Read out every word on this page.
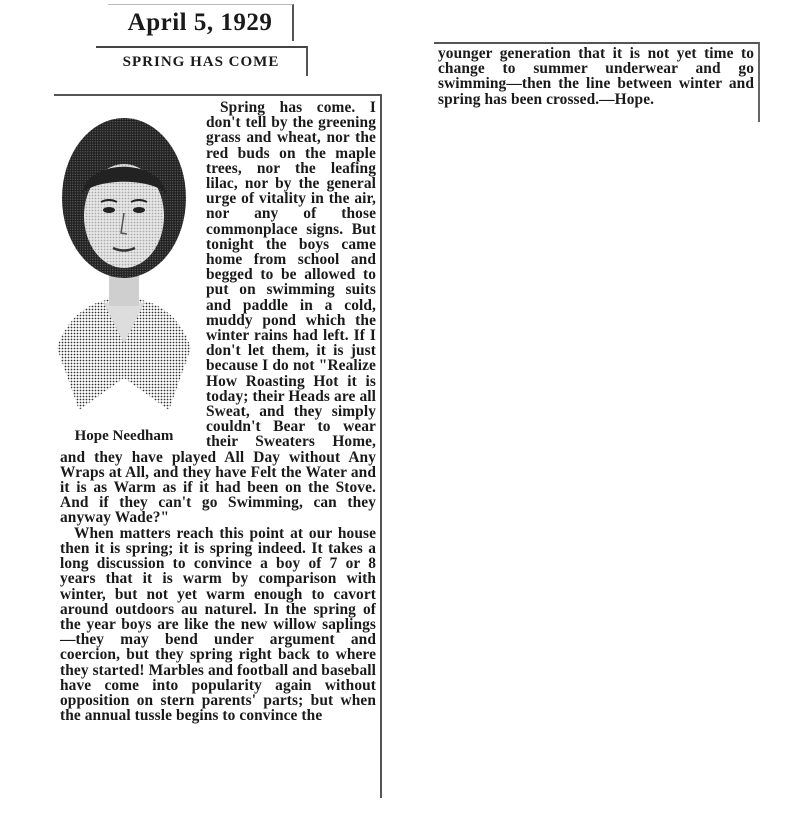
April 5, 1929
SPRING HAS COME
Hope Needham

Spring has come. I don't tell by the greening grass and wheat, nor the red buds on the maple trees, nor the leafing lilac, nor by the general urge of vitality in the air, nor any of those commonplace signs. But tonight the boys came home from school and begged to be allowed to put on swimming suits and paddle in a cold, muddy pond which the winter rains had left. If I don't let them, it is just because I do not "Realize How Roasting Hot it is today; their Heads are all Sweat, and they simply couldn't Bear to wear their Sweaters Home, and they have played All Day without Any Wraps at All, and they have Felt the Water and it is as Warm as if it had been on the Stove. And if they can't go Swimming, can they anyway Wade?"

When matters reach this point at our house then it is spring; it is spring indeed. It takes a long discussion to convince a boy of 7 or 8 years that it is warm by comparison with winter, but not yet warm enough to cavort around outdoors au naturel. In the spring of the year boys are like the new willow saplings—they may bend under argument and coercion, but they spring right back to where they started! Marbles and football and baseball have come into popularity again without opposition on stern parents' parts; but when the annual tussle begins to convince the

younger generation that it is not yet time to change to summer underwear and go swimming—then the line between winter and spring has been crossed.—Hope.
